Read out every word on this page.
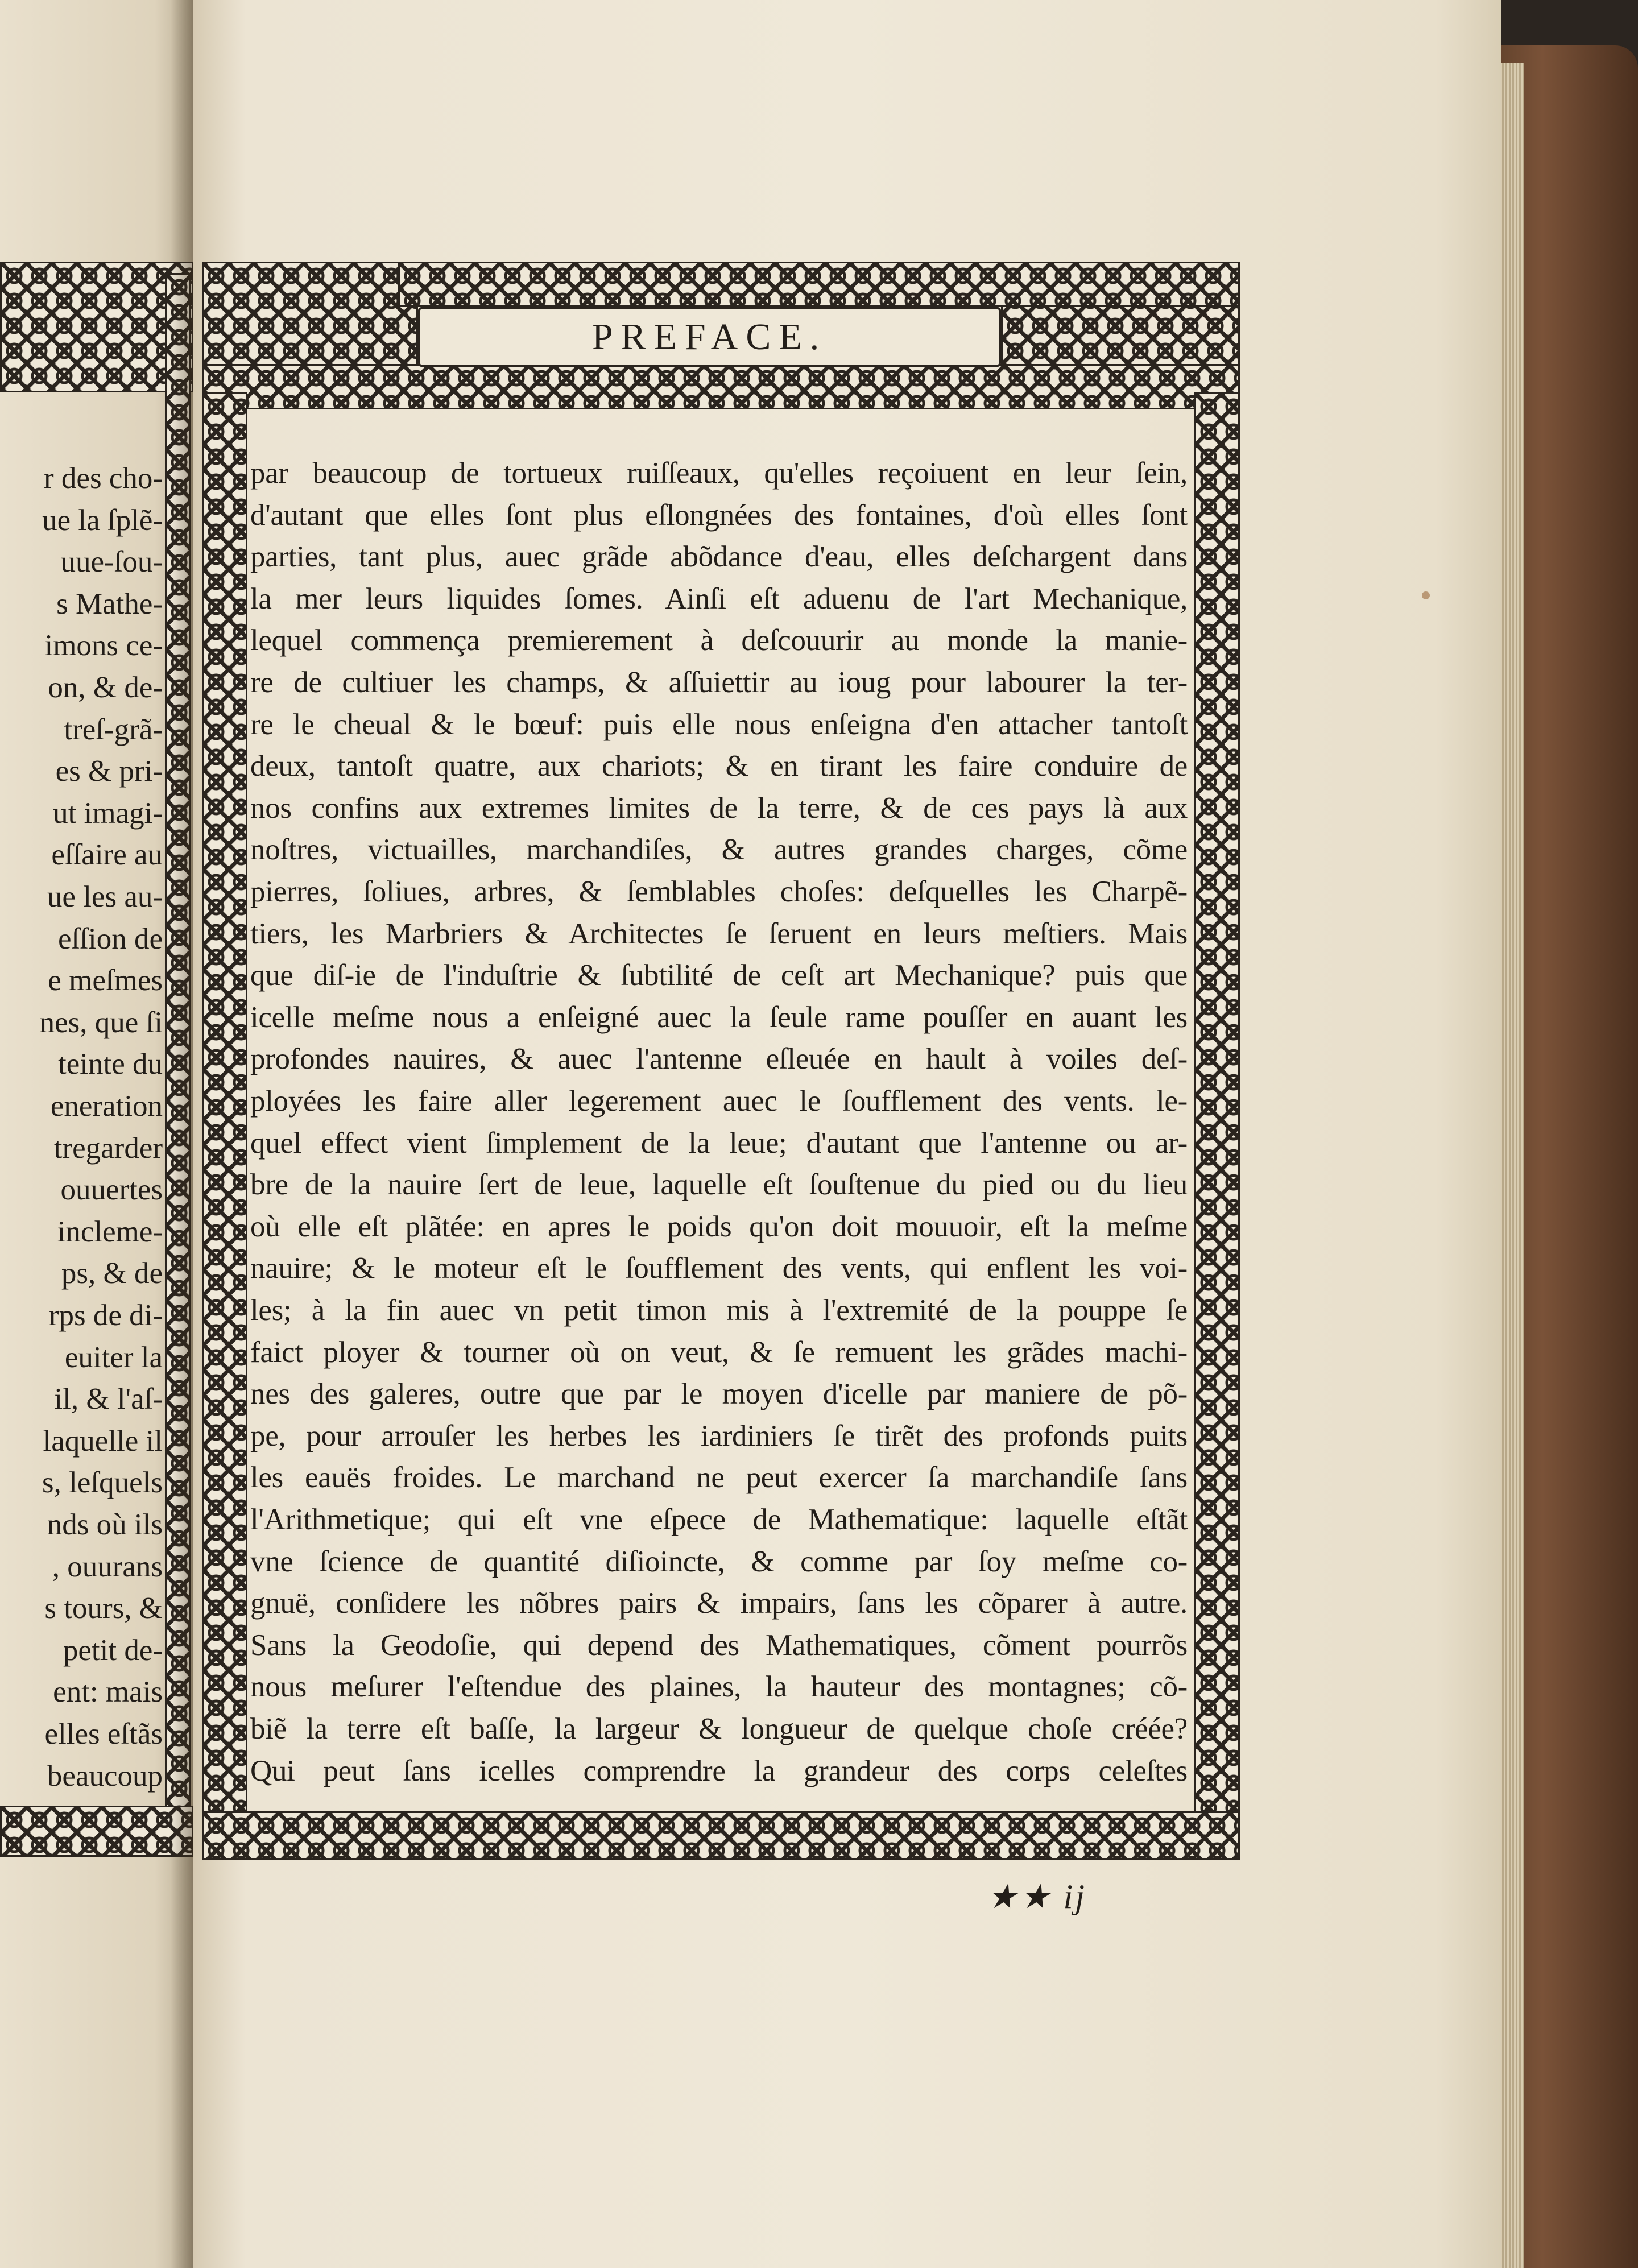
r des cho-
ue la ſplẽ-
uue-ſou-
s Mathe-
imons ce-
on, & de-
treſ-grã-
es & pri-
ut imagi-
eſſaire au
ue les au-
eſſion de
e meſmes
nes, que ſi
teinte du
eneration
tregarder
ouuertes
incleme-
ps, & de
rps de di-
euiter la
il, & l'aſ-
laquelle il
s, leſquels
nds où ils
, ouurans
s tours, &
petit de-
ent: mais
elles eſtãs
beaucoup
PREFACE.
par beaucoup de tortueux ruiſſeaux, qu'elles reçoiuent en leur ſein,
d'autant que elles ſont plus eſlongnées des fontaines, d'où elles ſont
parties, tant plus, auec grãde abõdance d'eau, elles deſchargent dans
la mer leurs liquides ſomes. Ainſi eſt aduenu de l'art Mechanique,
lequel commença premierement à deſcouurir au monde la manie-
re de cultiuer les champs, & aſſuiettir au ioug pour labourer la ter-
re le cheual & le bœuf: puis elle nous enſeigna d'en attacher tantoſt
deux, tantoſt quatre, aux chariots; & en tirant les faire conduire de
nos confins aux extremes limites de la terre, & de ces pays là aux
noſtres, victuailles, marchandiſes, & autres grandes charges, cõme
pierres, ſoliues, arbres, & ſemblables choſes: deſquelles les Charpẽ-
tiers, les Marbriers & Architectes ſe ſeruent en leurs meſtiers. Mais
que diſ-ie de l'induſtrie & ſubtilité de ceſt art Mechanique? puis que
icelle meſme nous a enſeigné auec la ſeule rame pouſſer en auant les
profondes nauires, & auec l'antenne eſleuée en hault à voiles deſ-
ployées les faire aller legerement auec le ſoufflement des vents. le-
quel effect vient ſimplement de la leue; d'autant que l'antenne ou ar-
bre de la nauire ſert de leue, laquelle eſt ſouſtenue du pied ou du lieu
où elle eſt plãtée: en apres le poids qu'on doit mouuoir, eſt la meſme
nauire; & le moteur eſt le ſoufflement des vents, qui enflent les voi-
les; à la fin auec vn petit timon mis à l'extremité de la pouppe ſe
faict ployer & tourner où on veut, & ſe remuent les grãdes machi-
nes des galeres, outre que par le moyen d'icelle par maniere de põ-
pe, pour arrouſer les herbes les iardiniers ſe tirẽt des profonds puits
les eauës froides. Le marchand ne peut exercer ſa marchandiſe ſans
l'Arithmetique; qui eſt vne eſpece de Mathematique: laquelle eſtãt
vne ſcience de quantité diſioincte, & comme par ſoy meſme co-
gnuë, conſidere les nõbres pairs & impairs, ſans les cõparer à autre.
Sans la Geodoſie, qui depend des Mathematiques, cõment pourrõs
nous meſurer l'eſtendue des plaines, la hauteur des montagnes; cõ-
biẽ la terre eſt baſſe, la largeur & longueur de quelque choſe créée?
Qui peut ſans icelles comprendre la grandeur des corps celeſtes
★★ ij
